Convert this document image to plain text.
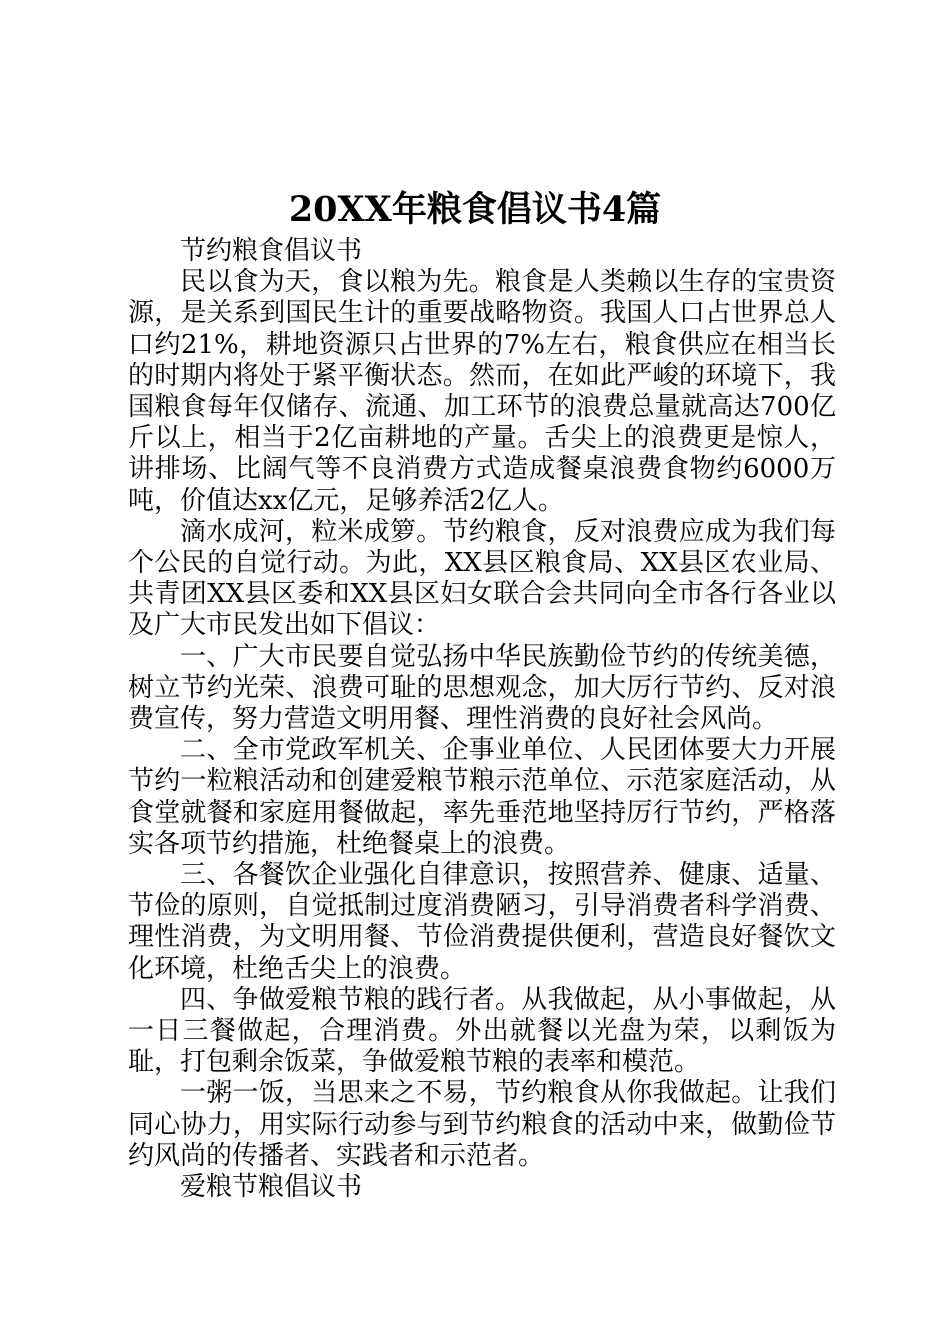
20XX年粮食倡议书4篇

节约粮食倡议书

民以食为天，食以粮为先。粮食是人类赖以生存的宝贵资源，是关系到国民生计的重要战略物资。我国人口占世界总人口约21%，耕地资源只占世界的7%左右，粮食供应在相当长的时期内将处于紧平衡状态。然而，在如此严峻的环境下，我国粮食每年仅储存、流通、加工环节的浪费总量就高达700亿斤以上，相当于2亿亩耕地的产量。舌尖上的浪费更是惊人，讲排场、比阔气等不良消费方式造成餐桌浪费食物约6000万吨，价值达xx亿元，足够养活2亿人。

滴水成河，粒米成箩。节约粮食，反对浪费应成为我们每个公民的自觉行动。为此，XX县区粮食局、XX县区农业局、共青团XX县区委和XX县区妇女联合会共同向全市各行各业以及广大市民发出如下倡议：

一、广大市民要自觉弘扬中华民族勤俭节约的传统美德，树立节约光荣、浪费可耻的思想观念，加大厉行节约、反对浪费宣传，努力营造文明用餐、理性消费的良好社会风尚。

二、全市党政军机关、企事业单位、人民团体要大力开展节约一粒粮活动和创建爱粮节粮示范单位、示范家庭活动，从食堂就餐和家庭用餐做起，率先垂范地坚持厉行节约，严格落实各项节约措施，杜绝餐桌上的浪费。

三、各餐饮企业强化自律意识，按照营养、健康、适量、节俭的原则，自觉抵制过度消费陋习，引导消费者科学消费、理性消费，为文明用餐、节俭消费提供便利，营造良好餐饮文化环境，杜绝舌尖上的浪费。

四、争做爱粮节粮的践行者。从我做起，从小事做起，从一日三餐做起，合理消费。外出就餐以光盘为荣，以剩饭为耻，打包剩余饭菜，争做爱粮节粮的表率和模范。

一粥一饭，当思来之不易，节约粮食从你我做起。让我们同心协力，用实际行动参与到节约粮食的活动中来，做勤俭节约风尚的传播者、实践者和示范者。

爱粮节粮倡议书
